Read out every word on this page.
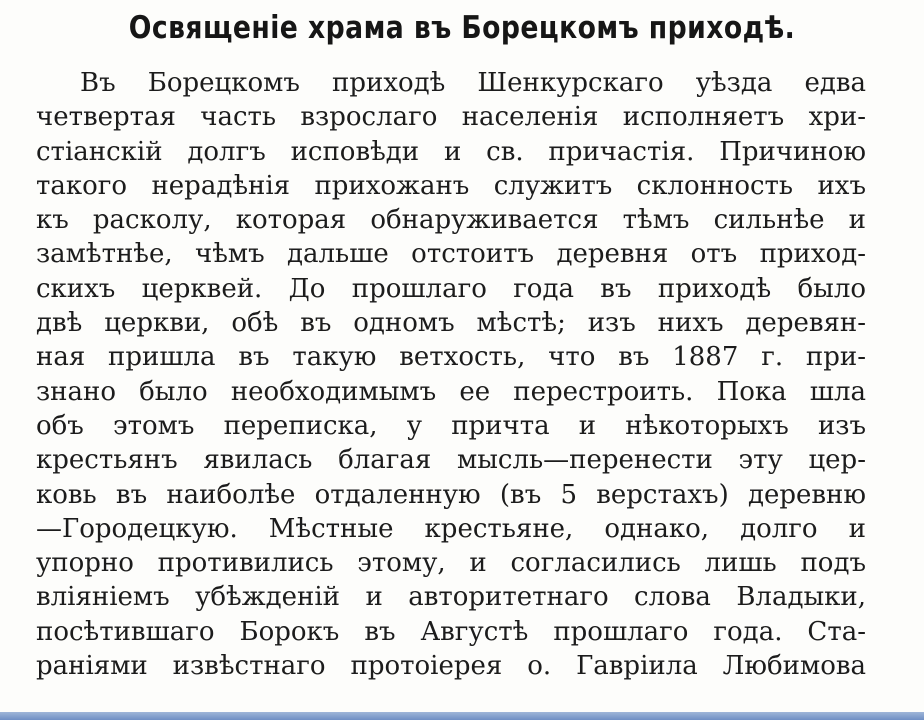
Освященіе храма въ Борецкомъ приходѣ.
Въ Борецкомъ приходѣ Шенкурскаго уѣзда едва
четвертая часть взрослаго населенія исполняетъ хри-
стіанскій долгъ исповѣди и св. причастія. Причиною
такого нерадѣнія прихожанъ служитъ склонность ихъ
къ расколу, которая обнаруживается тѣмъ сильнѣе и
замѣтнѣе, чѣмъ дальше отстоитъ деревня отъ приход-
скихъ церквей. До прошлаго года въ приходѣ было
двѣ церкви, обѣ въ одномъ мѣстѣ; изъ нихъ деревян-
ная пришла въ такую ветхость, что въ 1887 г. при-
знано было необходимымъ ее перестроить. Пока шла
объ этомъ переписка, у причта и нѣкоторыхъ изъ
крестьянъ явилась благая мысль—перенести эту цер-
ковь въ наиболѣе отдаленную (въ 5 верстахъ) деревню
—Городецкую. Мѣстные крестьяне, однако, долго и
упорно противились этому, и согласились лишь подъ
вліяніемъ убѣжденій и авторитетнаго слова Владыки,
посѣтившаго Борокъ въ Августѣ прошлаго года. Ста-
раніями извѣстнаго протоіерея о. Гавріила Любимова
